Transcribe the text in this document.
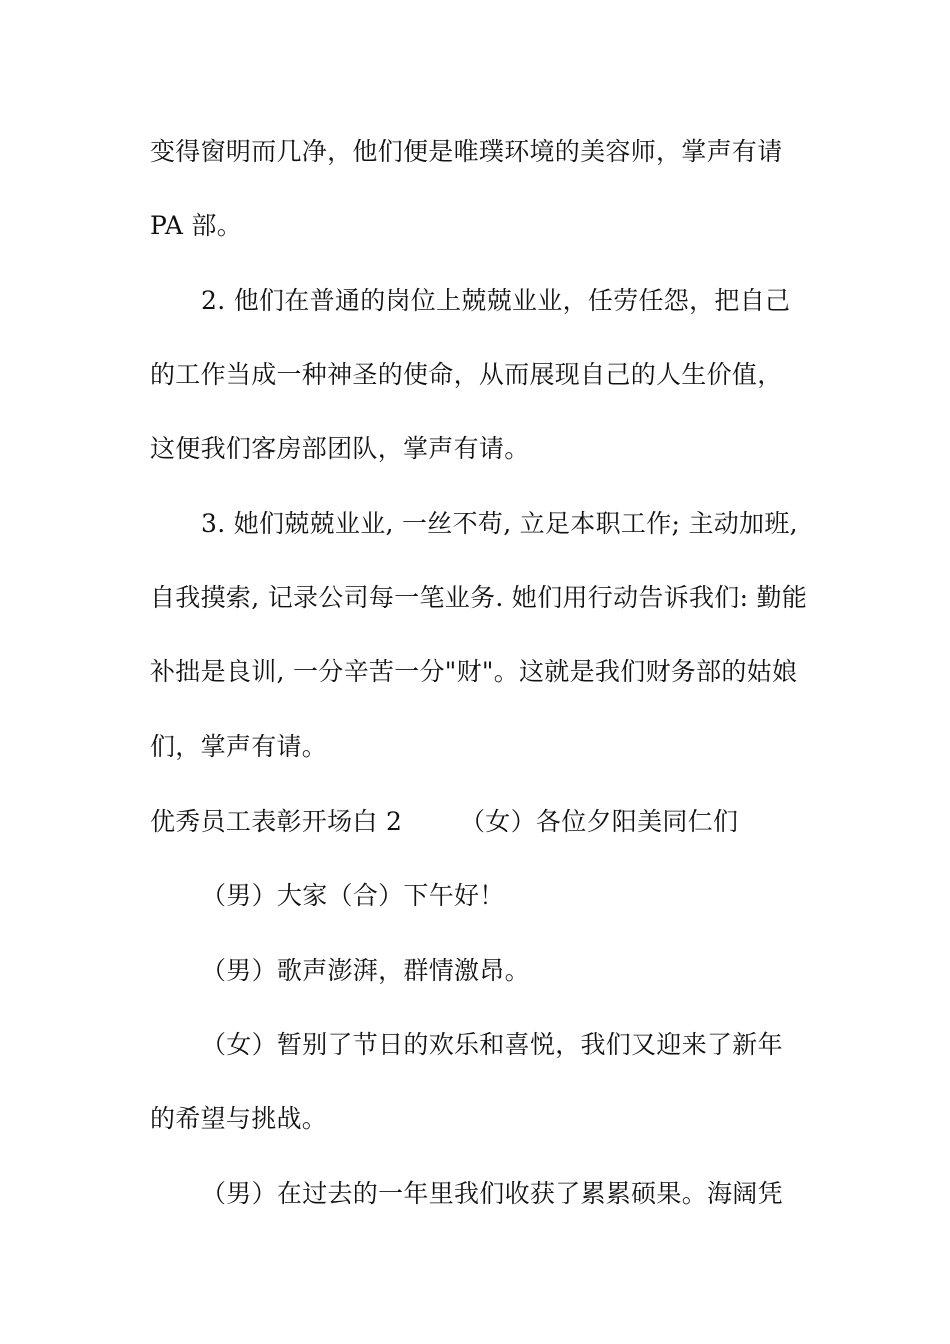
变得窗明而几净，他们便是唯璞环境的美容师，掌声有请
PA 部。
2. 他们在普通的岗位上兢兢业业，任劳任怨，把自己
的工作当成一种神圣的使命，从而展现自己的人生价值，
这便我们客房部团队，掌声有请。
3. 她们兢兢业业, 一丝不苟, 立足本职工作; 主动加班,
自我摸索, 记录公司每一笔业务. 她们用行动告诉我们: 勤能
补拙是良训, 一分辛苦一分"财"。这就是我们财务部的姑娘
们，掌声有请。
优秀员工表彰开场白 2 （女）各位夕阳美同仁们
（男）大家（合）下午好！
（男）歌声澎湃，群情激昂。
（女）暂别了节日的欢乐和喜悦，我们又迎来了新年
的希望与挑战。
（男）在过去的一年里我们收获了累累硕果。海阔凭
